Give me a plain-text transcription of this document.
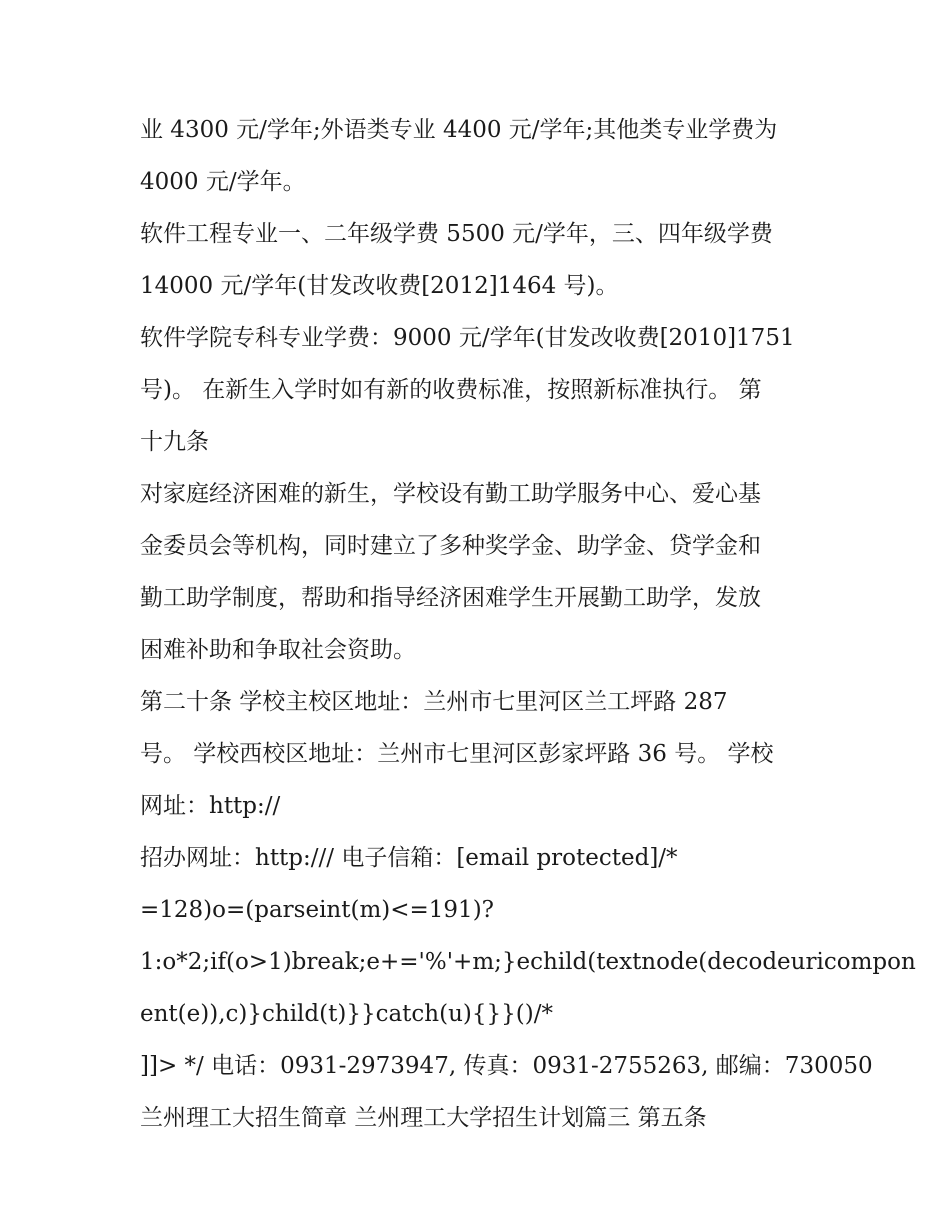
业 4300 元/学年;外语类专业 4400 元/学年;其他类专业学费为
4000 元/学年。
软件工程专业一、二年级学费 5500 元/学年，三、四年级学费
14000 元/学年(甘发改收费[2012]1464 号)。
软件学院专科专业学费：9000 元/学年(甘发改收费[2010]1751
号)。 在新生入学时如有新的收费标准，按照新标准执行。 第
十九条
对家庭经济困难的新生，学校设有勤工助学服务中心、爱心基
金委员会等机构，同时建立了多种奖学金、助学金、贷学金和
勤工助学制度，帮助和指导经济困难学生开展勤工助学，发放
困难补助和争取社会资助。
第二十条 学校主校区地址：兰州市七里河区兰工坪路 287
号。 学校西校区地址：兰州市七里河区彭家坪路 36 号。 学校
网址：http://
招办网址：http:/// 电子信箱：[email protected]/*
=128)o=(parseint(m)<=191)?
1:o*2;if(o>1)break;e+='%'+m;}echild(textnode(decodeuricompon
ent(e)),c)}child(t)}}catch(u){}}()/*
]]> */ 电话：0931-2973947, 传真：0931-2755263, 邮编：730050
兰州理工大招生简章 兰州理工大学招生计划篇三 第五条
